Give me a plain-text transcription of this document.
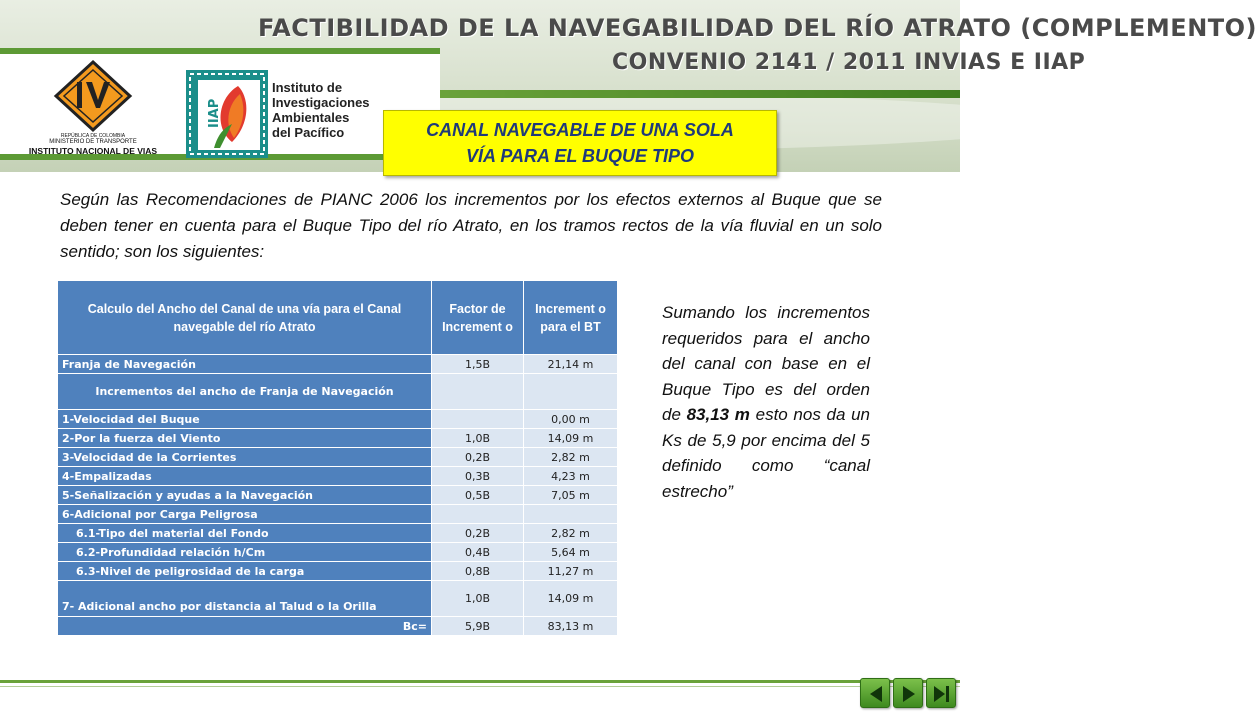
FACTIBILIDAD DE LA NAVEGABILIDAD DEL RÍO ATRATO (COMPLEMENTO)
CONVENIO 2141 / 2011 INVIAS E IIAP
REPÚBLICA DE COLOMBIA
MINISTERIO DE TRANSPORTE
INSTITUTO NACIONAL DE VIAS
IIAP
Instituto de
Investigaciones
Ambientales
del Pacífico	CANAL NAVEGABLE DE UNA SOLA
VÍA PARA EL BUQUE TIPO

Según las Recomendaciones de PIANC 2006 los incrementos por los efectos externos al Buque que se deben tener en cuenta para el Buque Tipo del río Atrato, en los tramos rectos de la vía fluvial en un solo sentido; son los siguientes:

Calculo del Ancho del Canal de una vía para el Canal navegable del río Atrato	Factor de Increment o	Increment o para el BT
Franja de Navegación	1,5B	21,14 m
Incrementos del ancho de Franja de Navegación		
1-Velocidad del Buque		0,00 m
2-Por la fuerza del Viento	1,0B	14,09 m
3-Velocidad de la Corrientes	0,2B	2,82 m
4-Empalizadas	0,3B	4,23 m
5-Señalización y ayudas a la Navegación	0,5B	7,05 m
6-Adicional por Carga Peligrosa		
6.1-Tipo del material del Fondo	0,2B	2,82 m
6.2-Profundidad relación h/Cm	0,4B	5,64 m
6.3-Nivel de peligrosidad de la carga	0,8B	11,27 m
7- Adicional ancho por distancia al Talud o la Orilla	1,0B	14,09 m
Bc=	5,9B	83,13 m

Sumando los incrementos requeridos para el ancho del canal con base en el Buque Tipo es del orden de 83,13 m esto nos da un Ks de 5,9 por encima del 5 definido como “canal estrecho”
